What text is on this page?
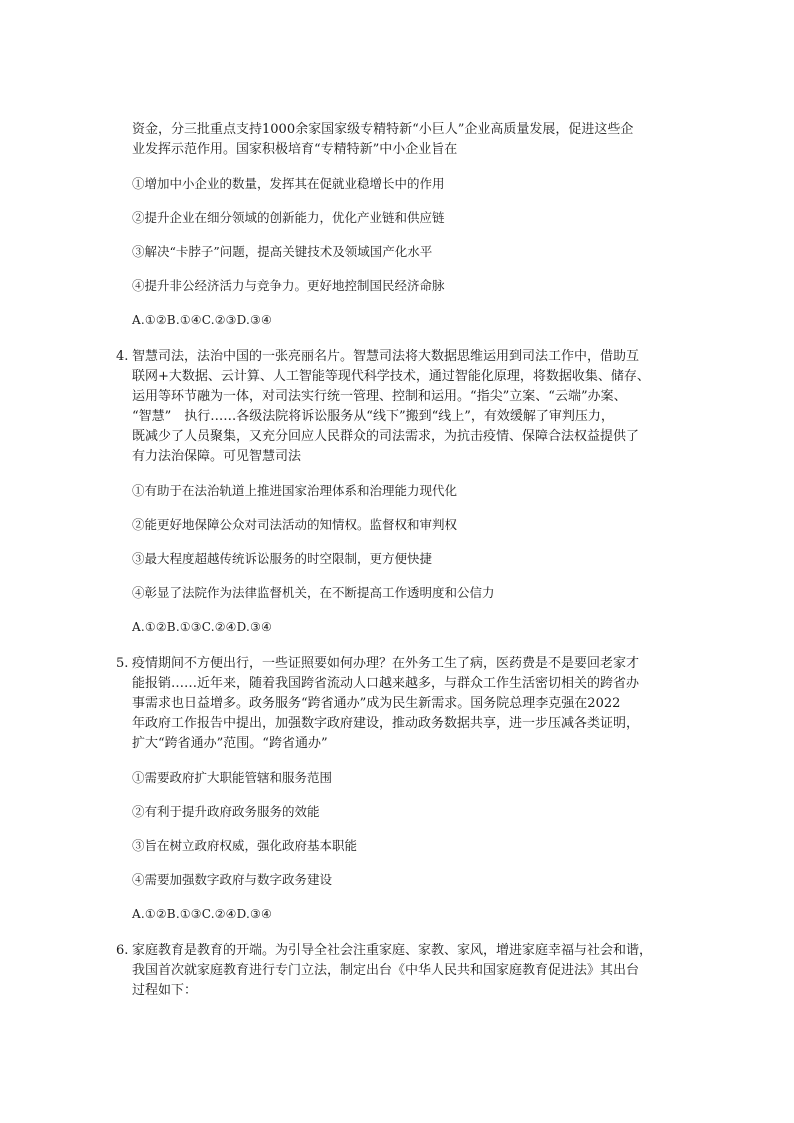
资金，分三批重点支持1000余家国家级专精特新“小巨人”企业高质量发展，促进这些企

业发挥示范作用。国家积极培育“专精特新”中小企业旨在

①增加中小企业的数量，发挥其在促就业稳增长中的作用

②提升企业在细分领域的创新能力，优化产业链和供应链

③解决“卡脖子”问题，提高关键技术及领域国产化水平

④提升非公经济活力与竞争力。更好地控制国民经济命脉

A.①②B.①④C.②③D.③④

4. 智慧司法，法治中国的一张亮丽名片。智慧司法将大数据思维运用到司法工作中，借助互

联网+大数据、云计算、人工智能等现代科学技术，通过智能化原理，将数据收集、储存、

运用等环节融为一体，对司法实行统一管理、控制和运用。“指尖”立案、“云端”办案、

“智慧”　执行……各级法院将诉讼服务从“线下”搬到“线上”，有效缓解了审判压力，

既减少了人员聚集，又充分回应人民群众的司法需求，为抗击疫情、保障合法权益提供了

有力法治保障。可见智慧司法

①有助于在法治轨道上推进国家治理体系和治理能力现代化

②能更好地保障公众对司法活动的知情权。监督权和审判权

③最大程度超越传统诉讼服务的时空限制，更方便快捷

④彰显了法院作为法律监督机关，在不断提高工作透明度和公信力

A.①②B.①③C.②④D.③④

5. 疫情期间不方便出行，一些证照要如何办理？在外务工生了病，医药费是不是要回老家才

能报销……近年来，随着我国跨省流动人口越来越多，与群众工作生活密切相关的跨省办

事需求也日益增多。政务服务“跨省通办”成为民生新需求。国务院总理李克强在2022

年政府工作报告中提出，加强数字政府建设，推动政务数据共享，进一步压减各类证明，

扩大“跨省通办”范围。“跨省通办”

①需要政府扩大职能管辖和服务范围

②有利于提升政府政务服务的效能

③旨在树立政府权威，强化政府基本职能

④需要加强数字政府与数字政务建设

A.①②B.①③C.②④D.③④

6. 家庭教育是教育的开端。为引导全社会注重家庭、家教、家风，增进家庭幸福与社会和谐，

我国首次就家庭教育进行专门立法，制定出台《中华人民共和国家庭教育促进法》其出台

过程如下：
